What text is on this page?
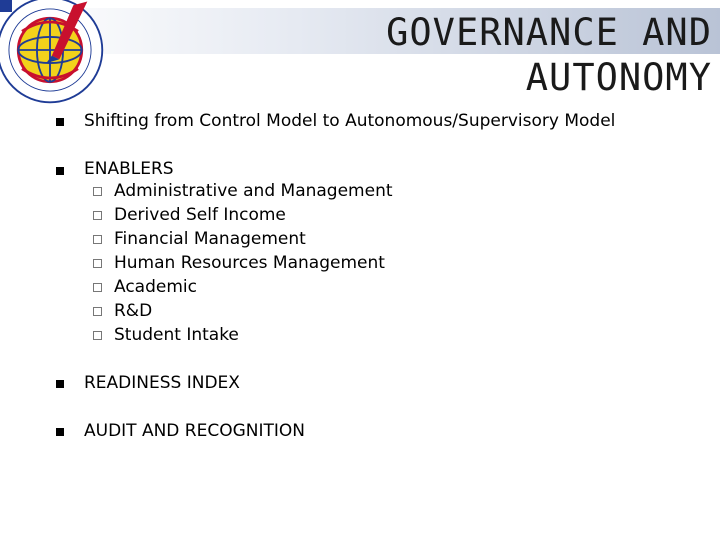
GOVERNANCE AND
AUTONOMY
Shifting from Control Model to Autonomous/Supervisory Model
ENABLERS
Administrative and Management
Derived Self Income
Financial Management
Human Resources Management
Academic
R&D
Student Intake
READINESS INDEX
AUDIT AND RECOGNITION
